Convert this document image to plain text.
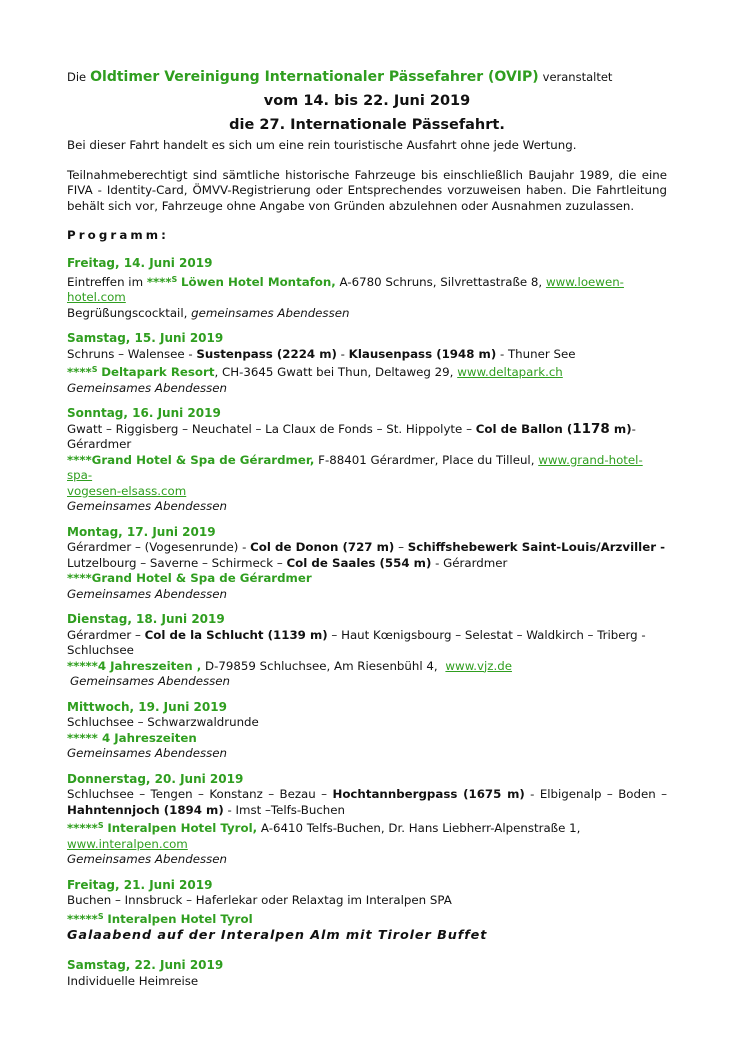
Die Oldtimer Vereinigung Internationaler Pässefahrer (OVIP) veranstaltet
vom 14. bis 22. Juni 2019
die 27. Internationale Pässefahrt.

Bei dieser Fahrt handelt es sich um eine rein touristische Ausfahrt ohne jede Wertung.

Teilnahmeberechtigt sind sämtliche historische Fahrzeuge bis einschließlich Baujahr 1989, die eine FIVA - Identity-Card, ÖMVV-Registrierung oder Entsprechendes vorzuweisen haben. Die Fahrtleitung behält sich vor, Fahrzeuge ohne Angabe von Gründen abzulehnen oder Ausnahmen zuzulassen.

Programm:
Freitag, 14. Juni 2019
Eintreffen im ****$^S$ Löwen Hotel Montafon, A-6780 Schruns, Silvrettastraße 8, www.loewen-hotel.com
Begrüßungscocktail, gemeinsames Abendessen
Samstag, 15. Juni 2019
Schruns – Walensee - Sustenpass (2224 m) - Klausenpass (1948 m) - Thuner See
****$^S$ Deltapark Resort, CH-3645 Gwatt bei Thun, Deltaweg 29, www.deltapark.ch
Gemeinsames Abendessen
Sonntag, 16. Juni 2019
Gwatt – Riggisberg – Neuchatel – La Claux de Fonds – St. Hippolyte – Col de Ballon (1178 m)-
Gérardmer
****Grand Hotel & Spa de Gérardmer, F-88401 Gérardmer, Place du Tilleul, www.grand-hotel-spa-
vogesen-elsass.com
Gemeinsames Abendessen
Montag, 17. Juni 2019
Gérardmer – (Vogesenrunde) - Col de Donon (727 m) – Schiffshebewerk Saint-Louis/Arzviller -
Lutzelbourg – Saverne – Schirmeck – Col de Saales (554 m) - Gérardmer
****Grand Hotel & Spa de Gérardmer
Gemeinsames Abendessen
Dienstag, 18. Juni 2019
Gérardmer – Col de la Schlucht (1139 m) – Haut Kœnigsbourg – Selestat – Waldkirch – Triberg -
Schluchsee
*****4 Jahreszeiten , D-79859 Schluchsee, Am Riesenbühl 4, www.vjz.de
Gemeinsames Abendessen
Mittwoch, 19. Juni 2019
Schluchsee – Schwarzwaldrunde
***** 4 Jahreszeiten
Gemeinsames Abendessen
Donnerstag, 20. Juni 2019
Schluchsee – Tengen – Konstanz – Bezau – Hochtannbergpass (1675 m) - Elbigenalp – Boden –
Hahntennjoch (1894 m) - Imst –Telfs-Buchen
*****$^S$ Interalpen Hotel Tyrol, A-6410 Telfs-Buchen, Dr. Hans Liebherr-Alpenstraße 1,
www.interalpen.com
Gemeinsames Abendessen
Freitag, 21. Juni 2019
Buchen – Innsbruck – Haferlekar oder Relaxtag im Interalpen SPA
*****$^S$ Interalpen Hotel Tyrol
Galaabend auf der Interalpen Alm mit Tiroler Buffet
Samstag, 22. Juni 2019
Individuelle Heimreise
